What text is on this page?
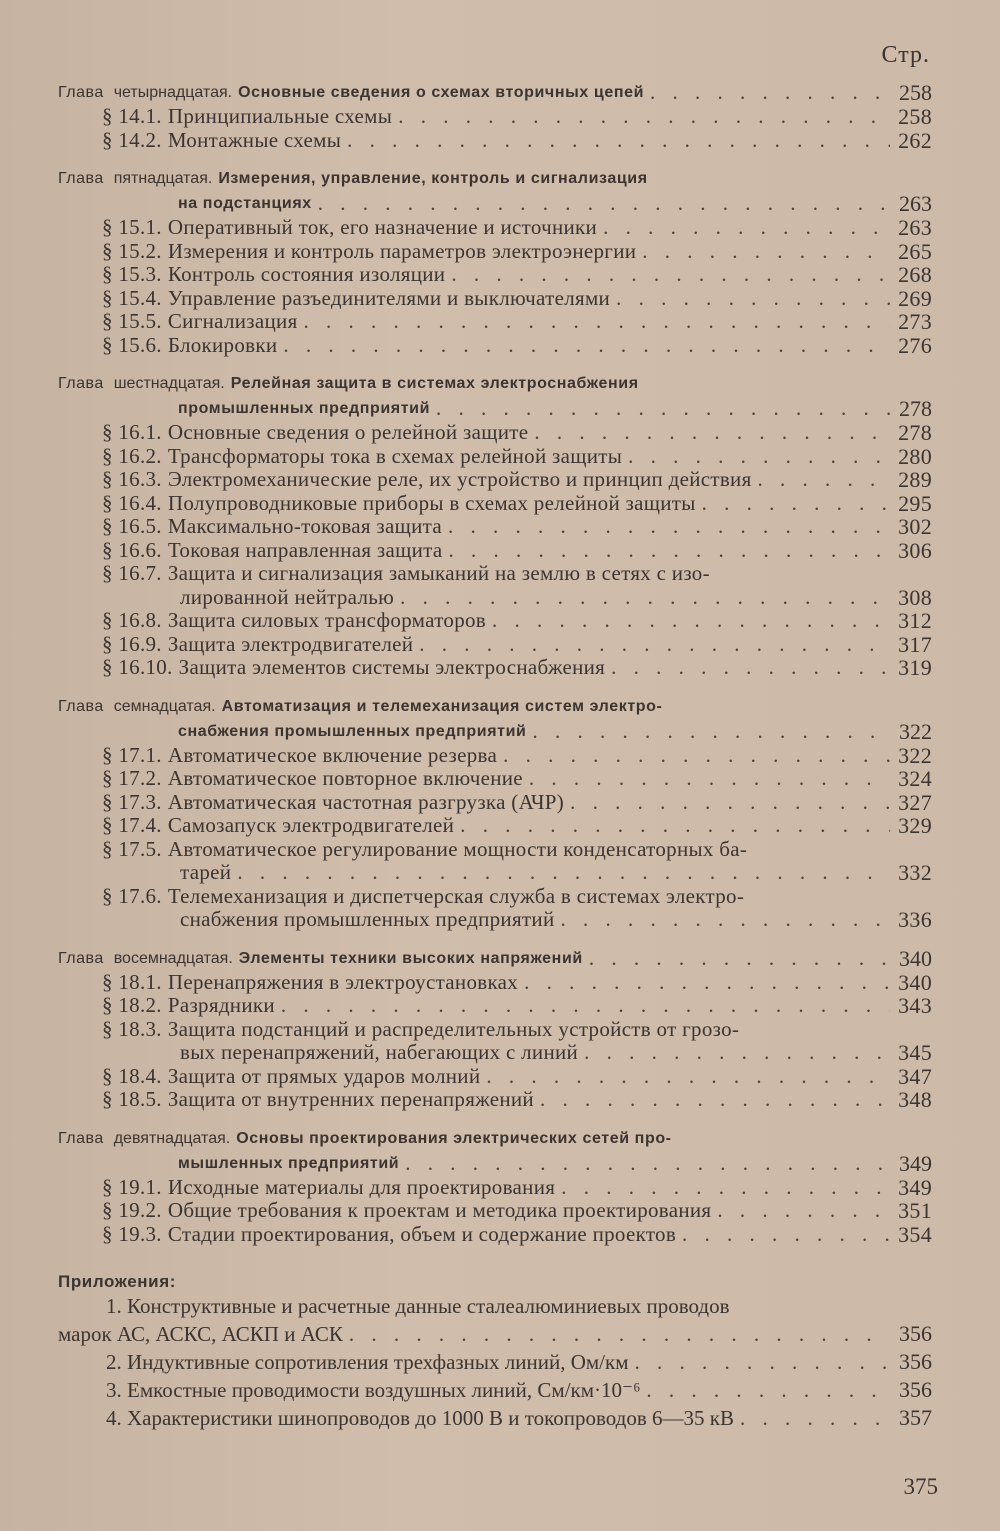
Стр.
Глава четырнадцатая. Основные сведения о схемах вторичных цепей . . .	258
§ 14.1. Принципиальные схемы . . .	258
§ 14.2. Монтажные схемы . . .	262
Глава пятнадцатая. Измерения, управление, контроль и сигнализация
на подстанциях . . .	263
§ 15.1. Оперативный ток, его назначение и источники . . .	263
§ 15.2. Измерения и контроль параметров электроэнергии . . .	265
§ 15.3. Контроль состояния изоляции . . .	268
§ 15.4. Управление разъединителями и выключателями . . .	269
§ 15.5. Сигнализация . . .	273
§ 15.6. Блокировки . . .	276
Глава шестнадцатая. Релейная защита в системах электроснабжения
промышленных предприятий . . .	278
§ 16.1. Основные сведения о релейной защите . . .	278
§ 16.2. Трансформаторы тока в схемах релейной защиты . . .	280
§ 16.3. Электромеханические реле, их устройство и принцип действия . . .	289
§ 16.4. Полупроводниковые приборы в схемах релейной защиты . . .	295
§ 16.5. Максимально-токовая защита . . .	302
§ 16.6. Токовая направленная защита . . .	306
§ 16.7. Защита и сигнализация замыканий на землю в сетях с изо-
лированной нейтралью . . .	308
§ 16.8. Защита силовых трансформаторов . . .	312
§ 16.9. Защита электродвигателей . . .	317
§ 16.10. Защита элементов системы электроснабжения . . .	319
Глава семнадцатая. Автоматизация и телемеханизация систем электро-
снабжения промышленных предприятий . . .	322
§ 17.1. Автоматическое включение резерва . . .	322
§ 17.2. Автоматическое повторное включение . . .	324
§ 17.3. Автоматическая частотная разгрузка (АЧР) . . .	327
§ 17.4. Самозапуск электродвигателей . . .	329
§ 17.5. Автоматическое регулирование мощности конденсаторных ба-
тарей . . .	332
§ 17.6. Телемеханизация и диспетчерская служба в системах электро-
снабжения промышленных предприятий . . .	336
Глава восемнадцатая. Элементы техники высоких напряжений . . .	340
§ 18.1. Перенапряжения в электроустановках . . .	340
§ 18.2. Разрядники . . .	343
§ 18.3. Защита подстанций и распределительных устройств от грозо-
вых перенапряжений, набегающих с линий . . .	345
§ 18.4. Защита от прямых ударов молний . . .	347
§ 18.5. Защита от внутренних перенапряжений . . .	348
Глава девятнадцатая. Основы проектирования электрических сетей про-
мышленных предприятий . . .	349
§ 19.1. Исходные материалы для проектирования . . .	349
§ 19.2. Общие требования к проектам и методика проектирования . . .	351
§ 19.3. Стадии проектирования, объем и содержание проектов . . .	354
Приложения:
1. Конструктивные и расчетные данные сталеалюминиевых проводов
марок АС, АСКС, АСКП и АСК . . .	356
2. Индуктивные сопротивления трехфазных линий, Ом/км . . .	356
3. Емкостные проводимости воздушных линий, См/км·10⁻⁶ . . .	356
4. Характеристики шинопроводов до 1000 В и токопроводов 6—35 кВ . . .	357
375
